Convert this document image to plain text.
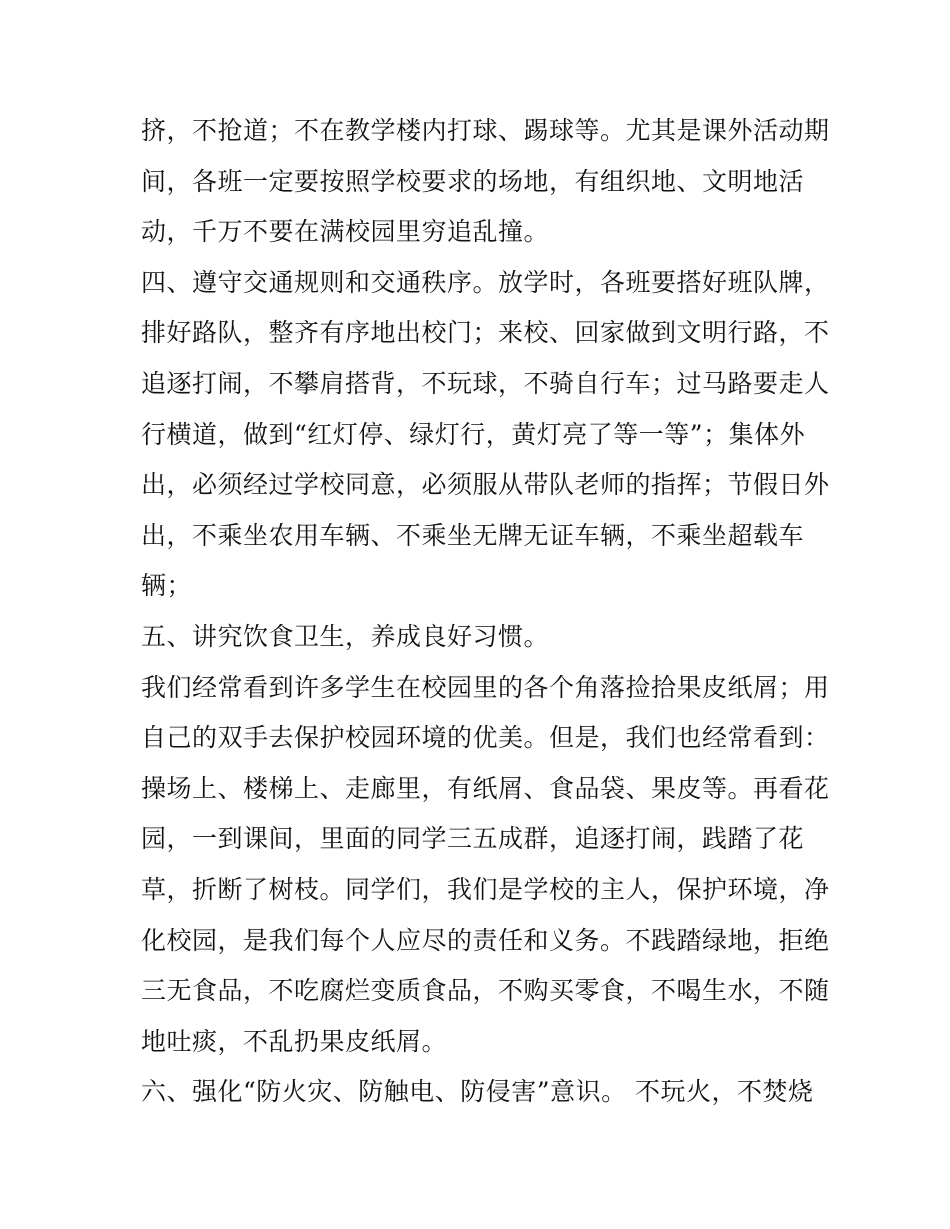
挤，不抢道；不在教学楼内打球、踢球等。尤其是课外活动期
间，各班一定要按照学校要求的场地，有组织地、文明地活
动，千万不要在满校园里穷追乱撞。
四、遵守交通规则和交通秩序。放学时，各班要搭好班队牌，
排好路队，整齐有序地出校门；来校、回家做到文明行路，不
追逐打闹，不攀肩搭背，不玩球，不骑自行车；过马路要走人
行横道，做到“红灯停、绿灯行，黄灯亮了等一等”；集体外
出，必须经过学校同意，必须服从带队老师的指挥；节假日外
出，不乘坐农用车辆、不乘坐无牌无证车辆，不乘坐超载车
辆；
五、讲究饮食卫生，养成良好习惯。
我们经常看到许多学生在校园里的各个角落捡拾果皮纸屑；用
自己的双手去保护校园环境的优美。但是，我们也经常看到：
操场上、楼梯上、走廊里，有纸屑、食品袋、果皮等。再看花
园，一到课间，里面的同学三五成群，追逐打闹，践踏了花
草，折断了树枝。同学们，我们是学校的主人，保护环境，净
化校园，是我们每个人应尽的责任和义务。不践踏绿地，拒绝
三无食品，不吃腐烂变质食品，不购买零食，不喝生水，不随
地吐痰，不乱扔果皮纸屑。
六、强化“防火灾、防触电、防侵害”意识。 不玩火，不焚烧
